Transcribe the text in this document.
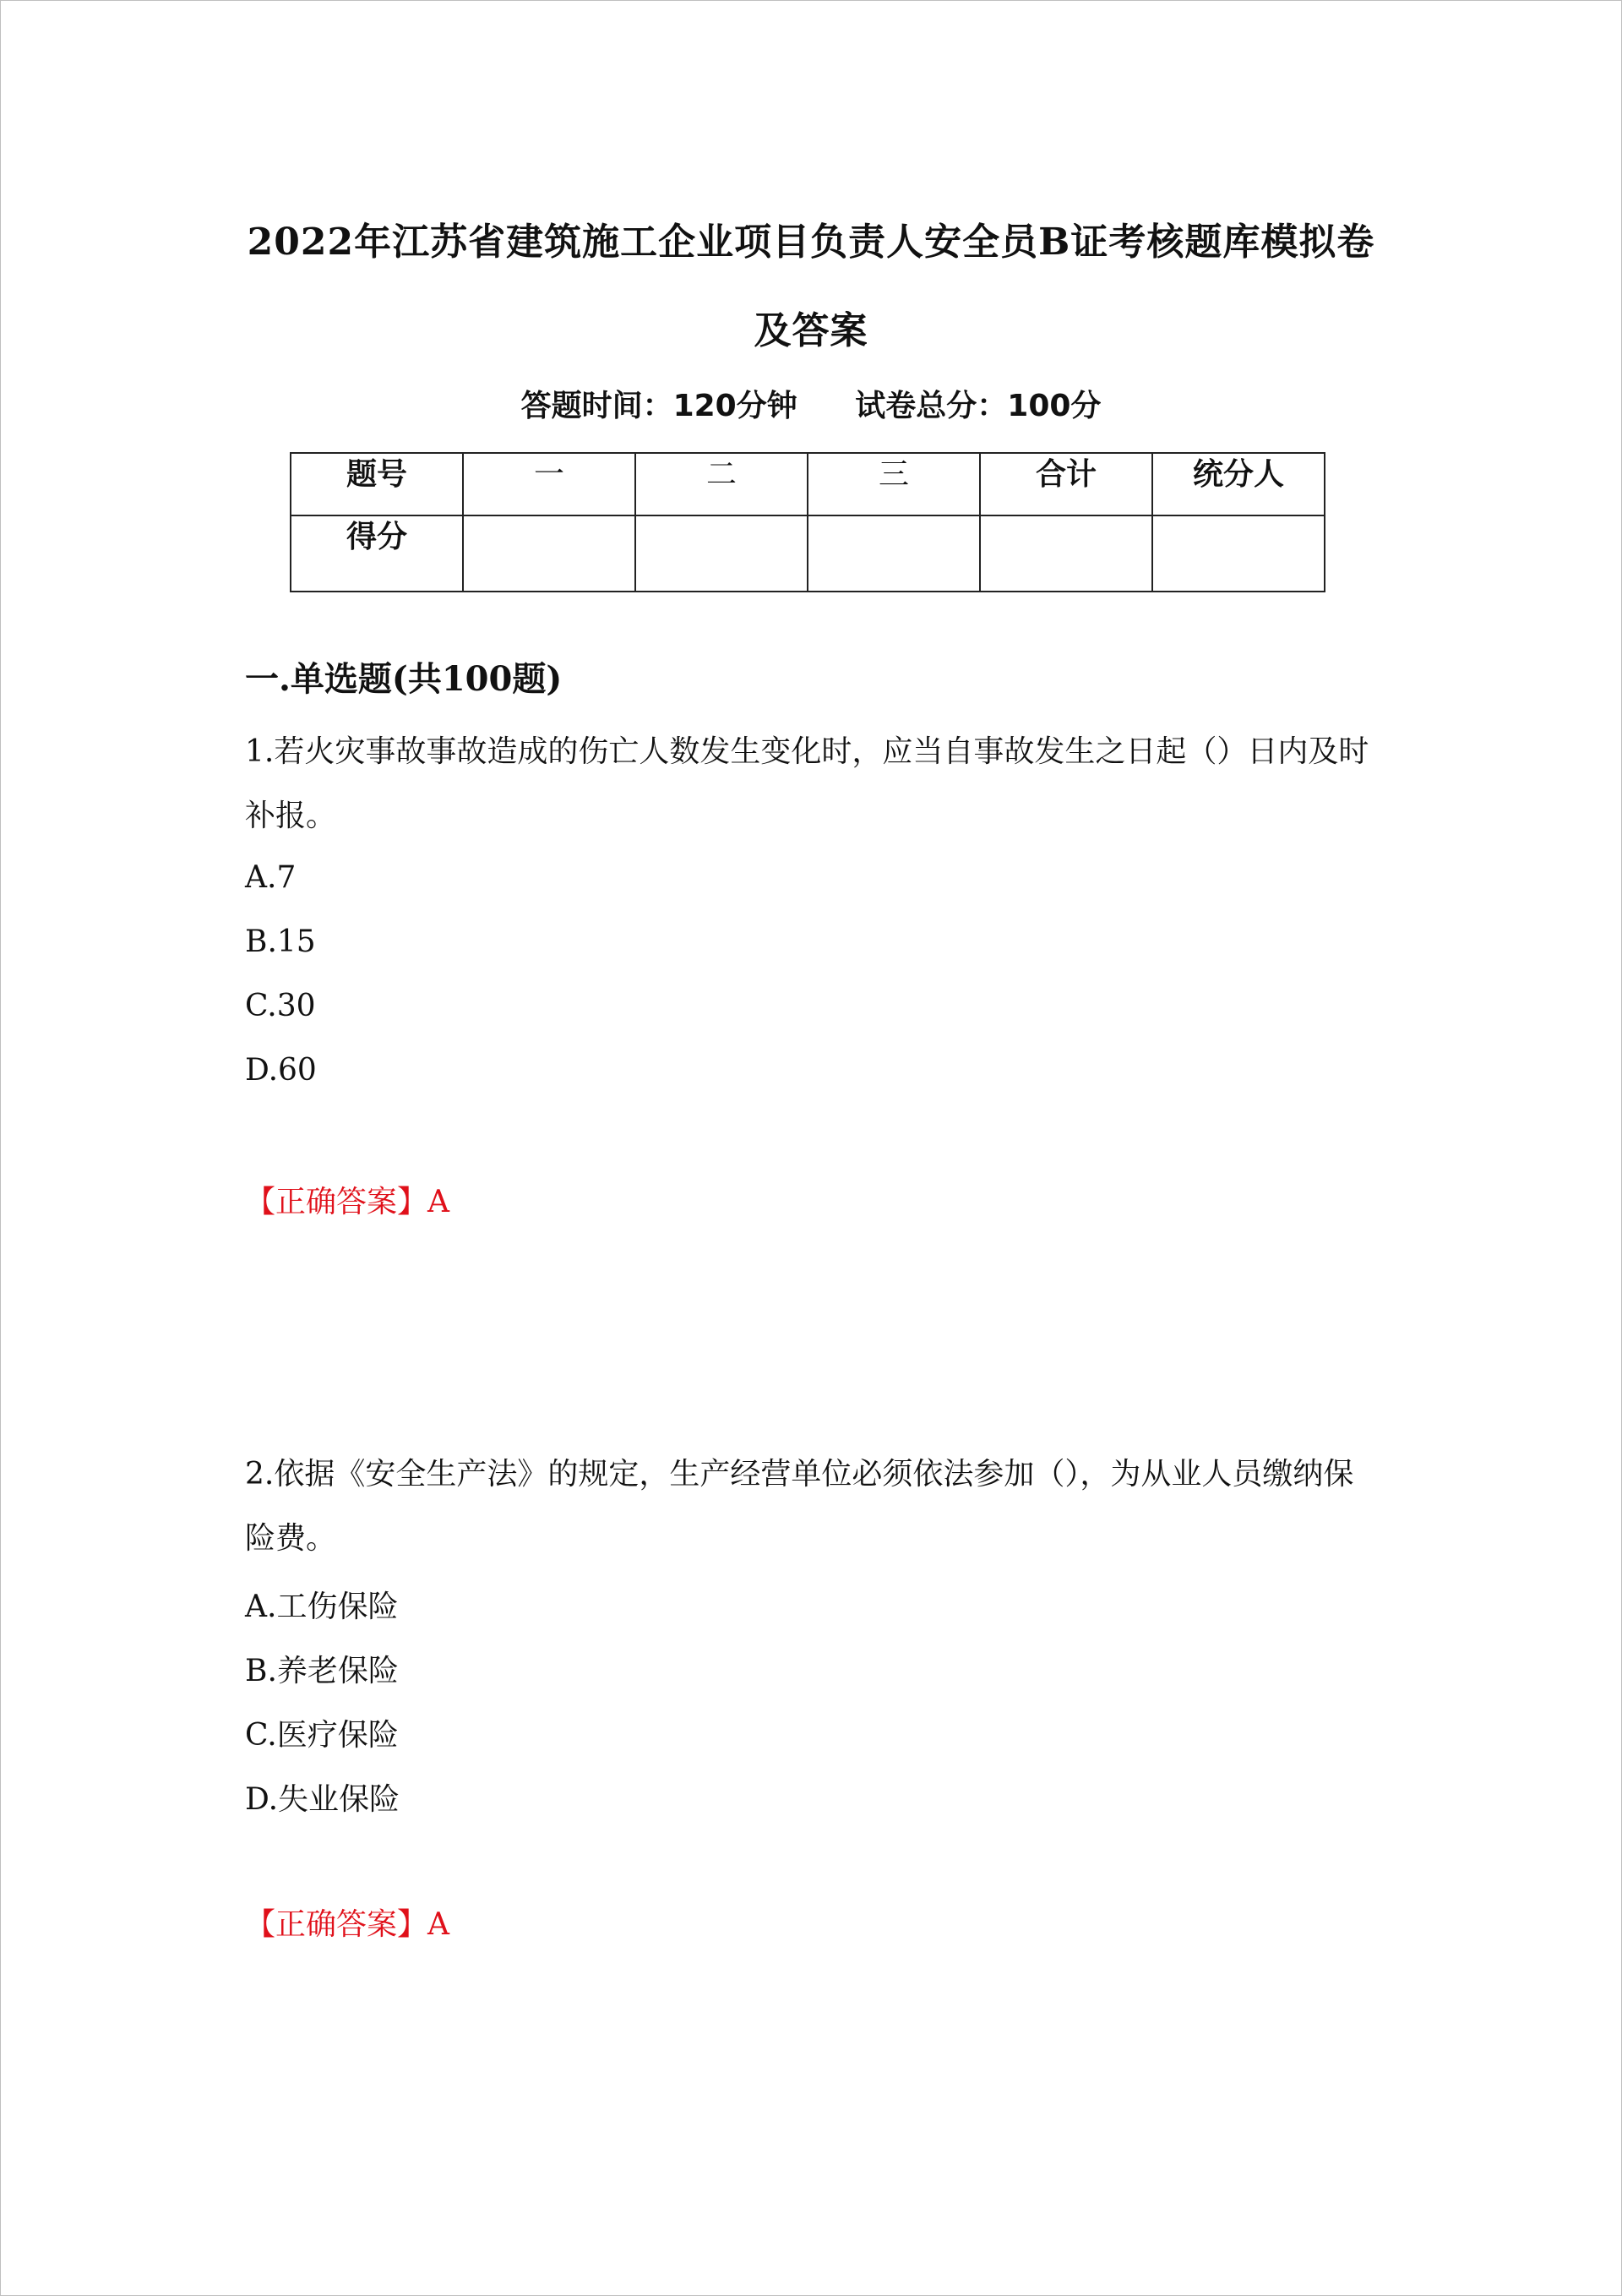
2022年江苏省建筑施工企业项目负责人安全员B证考核题库模拟卷
及答案
答题时间：120分钟 试卷总分：100分
题号	一	二	三	合计	统分人
得分					
一.单选题(共100题)
1.若火灾事故事故造成的伤亡人数发生变化时，应当自事故发生之日起（）日内及时补报。
A.7
B.15
C.30
D.60
【正确答案】A
2.依据《安全生产法》的规定，生产经营单位必须依法参加（），为从业人员缴纳保险费。
A.工伤保险
B.养老保险
C.医疗保险
D.失业保险
【正确答案】A
